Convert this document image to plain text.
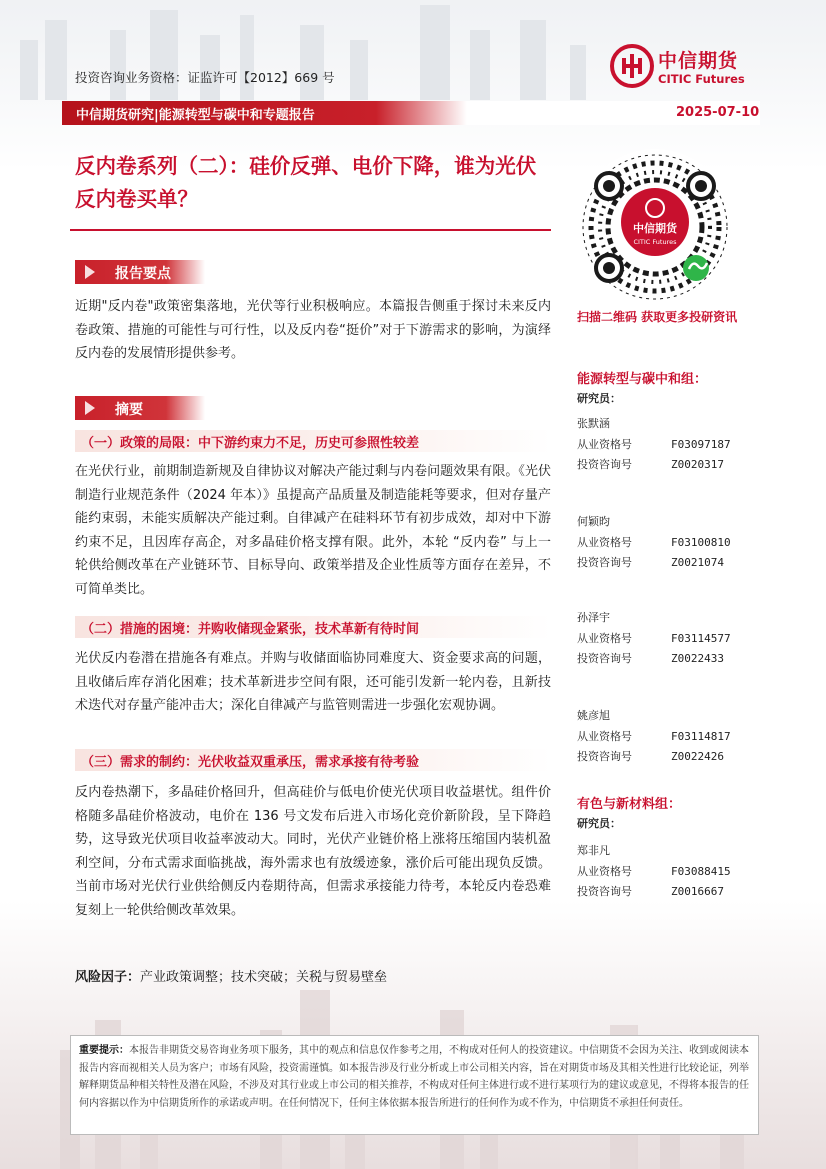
投资咨询业务资格：证监许可【2012】669 号
中信期货
CITIC Futures
中信期货研究|能源转型与碳中和专题报告	2025-07-10
反内卷系列（二）：硅价反弹、电价下降，谁为光伏反内卷买单？
中信期货
CITIC Futures
扫描二维码 获取更多投研资讯
报告要点
近期"反内卷"政策密集落地，光伏等行业积极响应。本篇报告侧重于探讨未来反内卷政策、措施的可能性与可行性，以及反内卷“挺价”对于下游需求的影响，为演绎反内卷的发展情形提供参考。
摘要
（一）政策的局限：中下游约束力不足，历史可参照性较差
在光伏行业，前期制造新规及自律协议对解决产能过剩与内卷问题效果有限。《光伏制造行业规范条件（2024 年本）》虽提高产品质量及制造能耗等要求，但对存量产能约束弱，未能实质解决产能过剩。自律减产在硅料环节有初步成效，却对中下游约束不足，且因库存高企，对多晶硅价格支撑有限。此外，本轮 “反内卷” 与上一轮供给侧改革在产业链环节、目标导向、政策举措及企业性质等方面存在差异，不可简单类比。
（二）措施的困境：并购收储现金紧张，技术革新有待时间
光伏反内卷潜在措施各有难点。并购与收储面临协同难度大、资金要求高的问题，且收储后库存消化困难；技术革新进步空间有限，还可能引发新一轮内卷，且新技术迭代对存量产能冲击大；深化自律减产与监管则需进一步强化宏观协调。
（三）需求的制约：光伏收益双重承压，需求承接有待考验
反内卷热潮下，多晶硅价格回升，但高硅价与低电价使光伏项目收益堪忧。组件价格随多晶硅价格波动，电价在 136 号文发布后进入市场化竞价新阶段，呈下降趋势，这导致光伏项目收益率波动大。同时，光伏产业链价格上涨将压缩国内装机盈利空间，分布式需求面临挑战，海外需求也有放缓迹象，涨价后可能出现负反馈。当前市场对光伏行业供给侧反内卷期待高，但需求承接能力待考，本轮反内卷恐难复刻上一轮供给侧改革效果。
风险因子：产业政策调整；技术突破；关税与贸易壁垒
能源转型与碳中和组：
研究员：
张默涵
从业资格号	F03097187
投资咨询号	Z0020317
何颖昀
从业资格号	F03100810
投资咨询号	Z0021074
孙泽宇
从业资格号	F03114577
投资咨询号	Z0022433
姚彦旭
从业资格号	F03114817
投资咨询号	Z0022426
有色与新材料组：
研究员：
郑非凡
从业资格号	F03088415
投资咨询号	Z0016667
重要提示：本报告非期货交易咨询业务项下服务，其中的观点和信息仅作参考之用，不构成对任何人的投资建议。中信期货不会因为关注、收到或阅读本报告内容而视相关人员为客户；市场有风险，投资需谨慎。如本报告涉及行业分析或上市公司相关内容，旨在对期货市场及其相关性进行比较论证，列举解释期货品种相关特性及潜在风险，不涉及对其行业或上市公司的相关推荐，不构成对任何主体进行或不进行某项行为的建议或意见，不得将本报告的任何内容据以作为中信期货所作的承诺或声明。在任何情况下，任何主体依据本报告所进行的任何作为或不作为，中信期货不承担任何责任。
